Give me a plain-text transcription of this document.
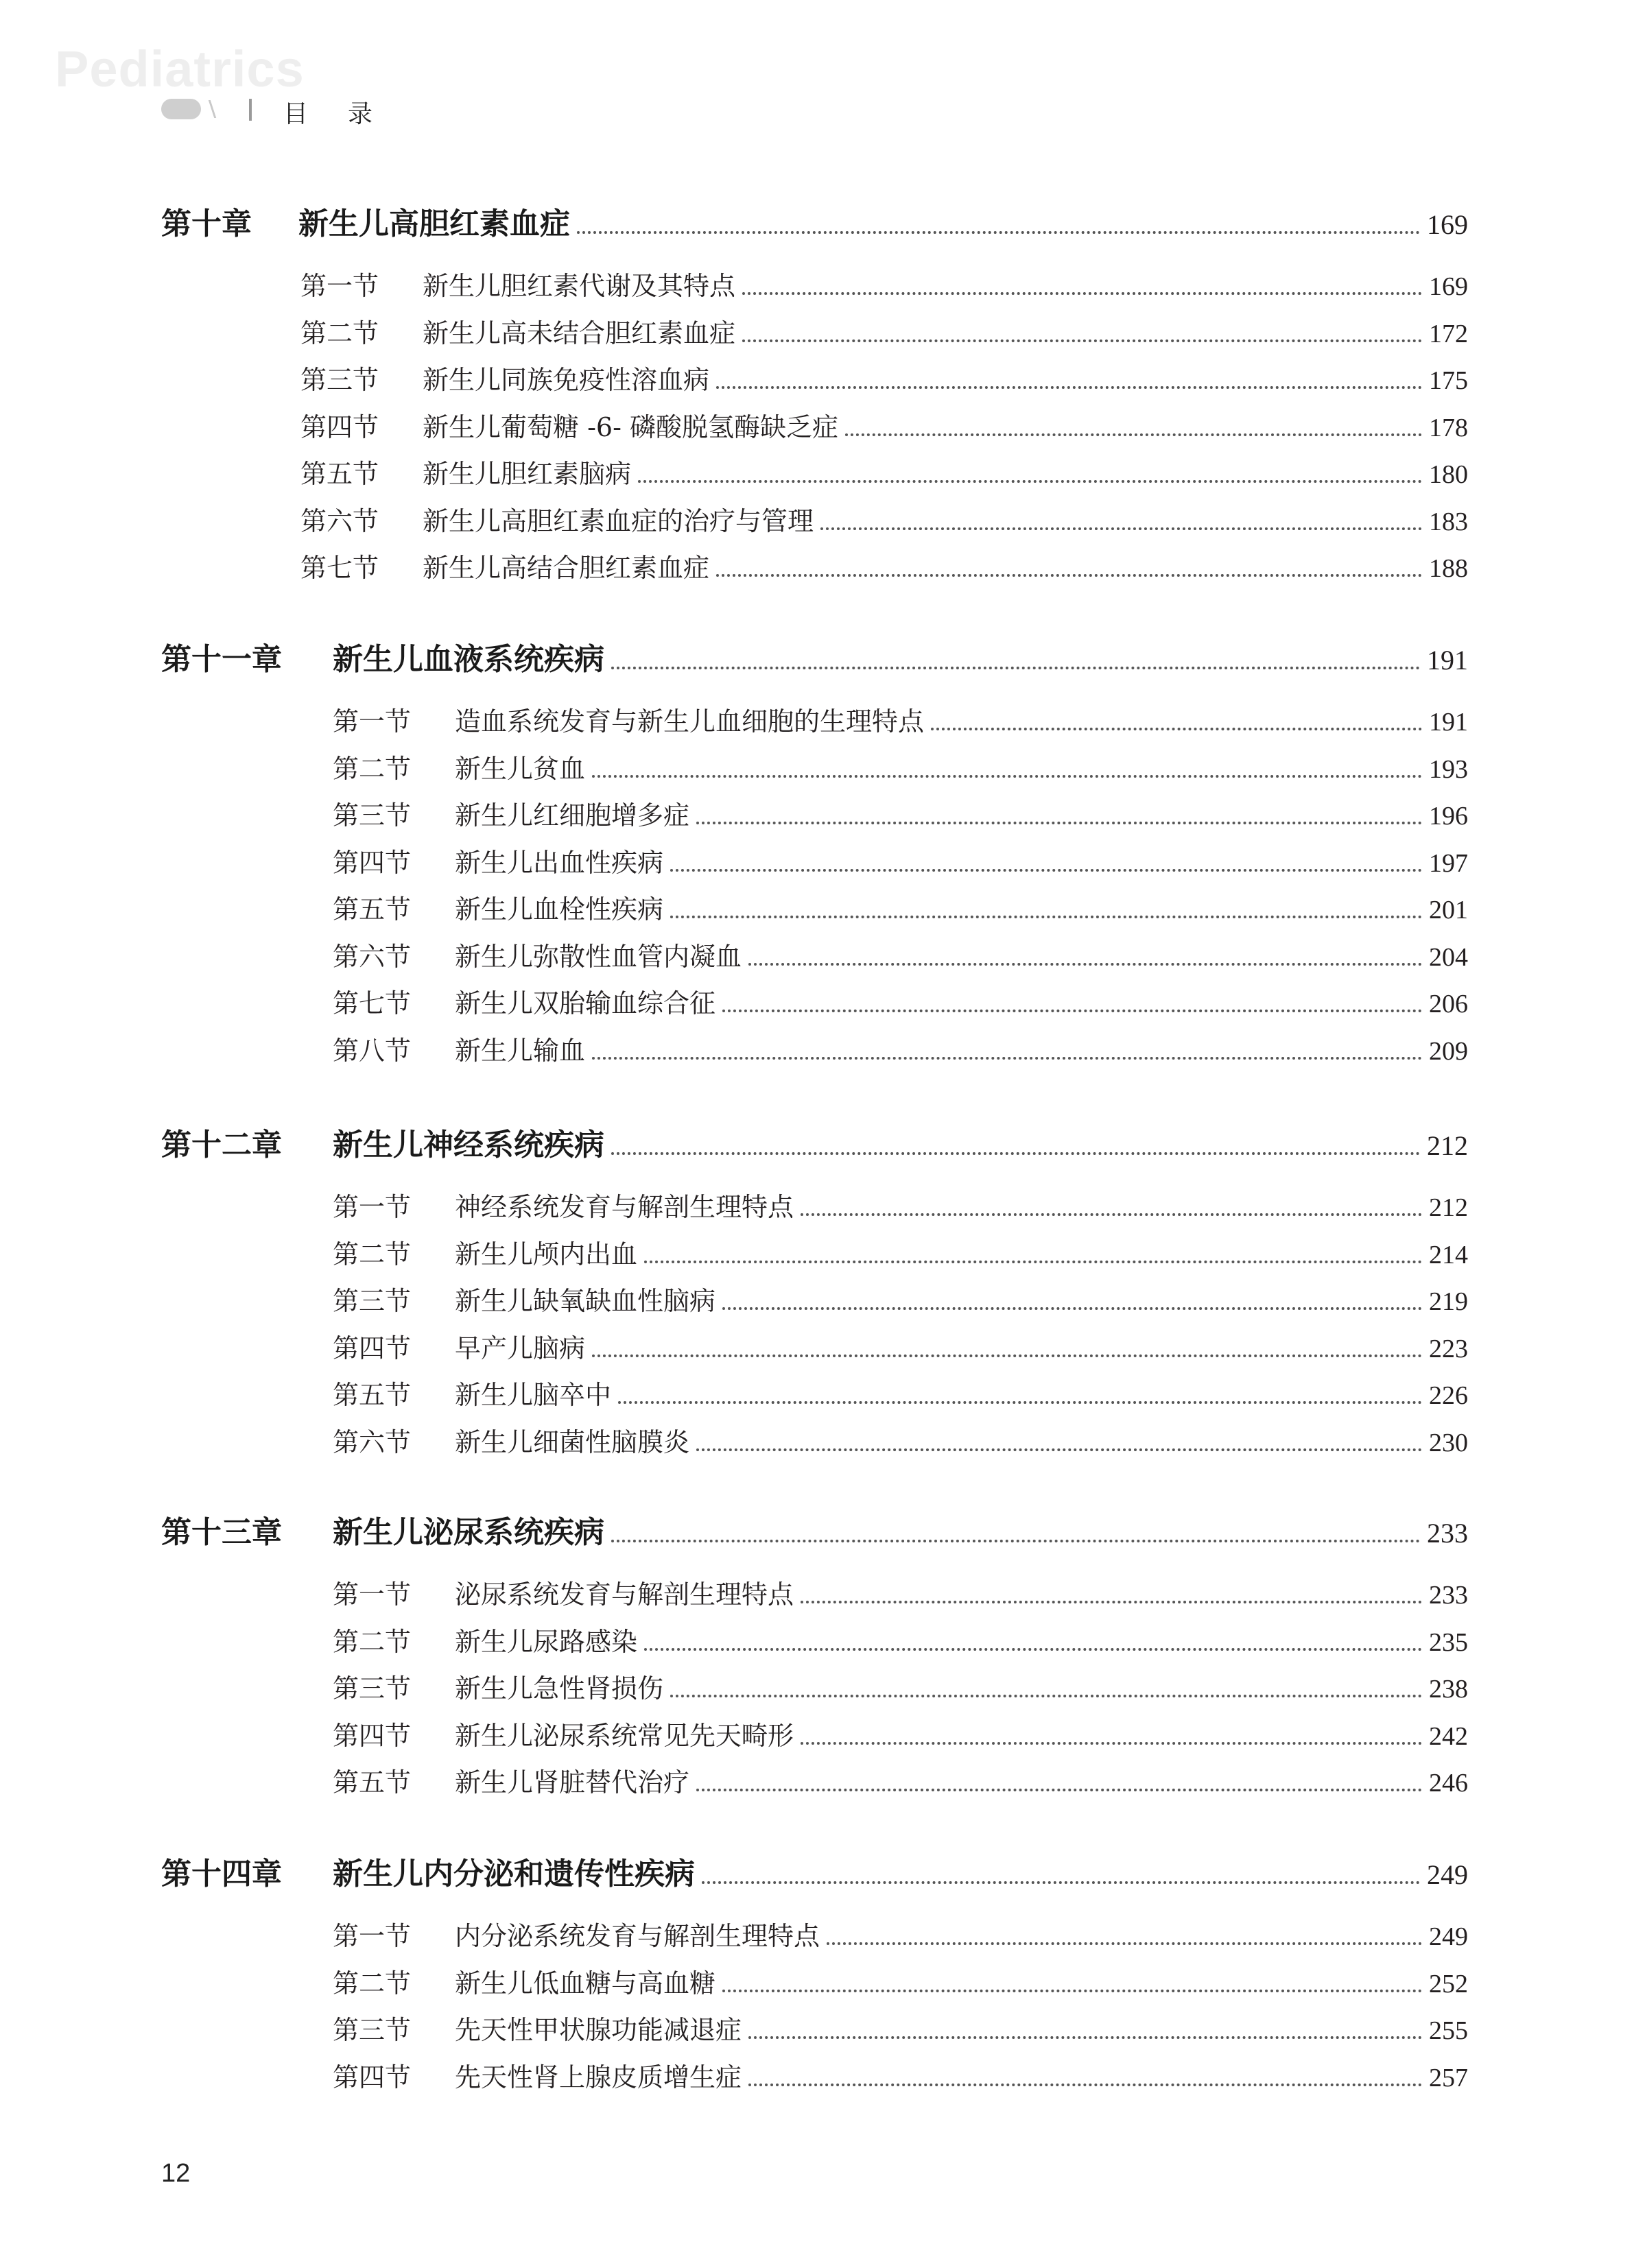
Pediatrics
目录
第十章	新生儿高胆红素血症	169
第一节	新生儿胆红素代谢及其特点	169
第二节	新生儿高未结合胆红素血症	172
第三节	新生儿同族免疫性溶血病	175
第四节	新生儿葡萄糖 -6- 磷酸脱氢酶缺乏症	178
第五节	新生儿胆红素脑病	180
第六节	新生儿高胆红素血症的治疗与管理	183
第七节	新生儿高结合胆红素血症	188
第十一章	新生儿血液系统疾病	191
第一节	造血系统发育与新生儿血细胞的生理特点	191
第二节	新生儿贫血	193
第三节	新生儿红细胞增多症	196
第四节	新生儿出血性疾病	197
第五节	新生儿血栓性疾病	201
第六节	新生儿弥散性血管内凝血	204
第七节	新生儿双胎输血综合征	206
第八节	新生儿输血	209
第十二章	新生儿神经系统疾病	212
第一节	神经系统发育与解剖生理特点	212
第二节	新生儿颅内出血	214
第三节	新生儿缺氧缺血性脑病	219
第四节	早产儿脑病	223
第五节	新生儿脑卒中	226
第六节	新生儿细菌性脑膜炎	230
第十三章	新生儿泌尿系统疾病	233
第一节	泌尿系统发育与解剖生理特点	233
第二节	新生儿尿路感染	235
第三节	新生儿急性肾损伤	238
第四节	新生儿泌尿系统常见先天畸形	242
第五节	新生儿肾脏替代治疗	246
第十四章	新生儿内分泌和遗传性疾病	249
第一节	内分泌系统发育与解剖生理特点	249
第二节	新生儿低血糖与高血糖	252
第三节	先天性甲状腺功能减退症	255
第四节	先天性肾上腺皮质增生症	257
12
